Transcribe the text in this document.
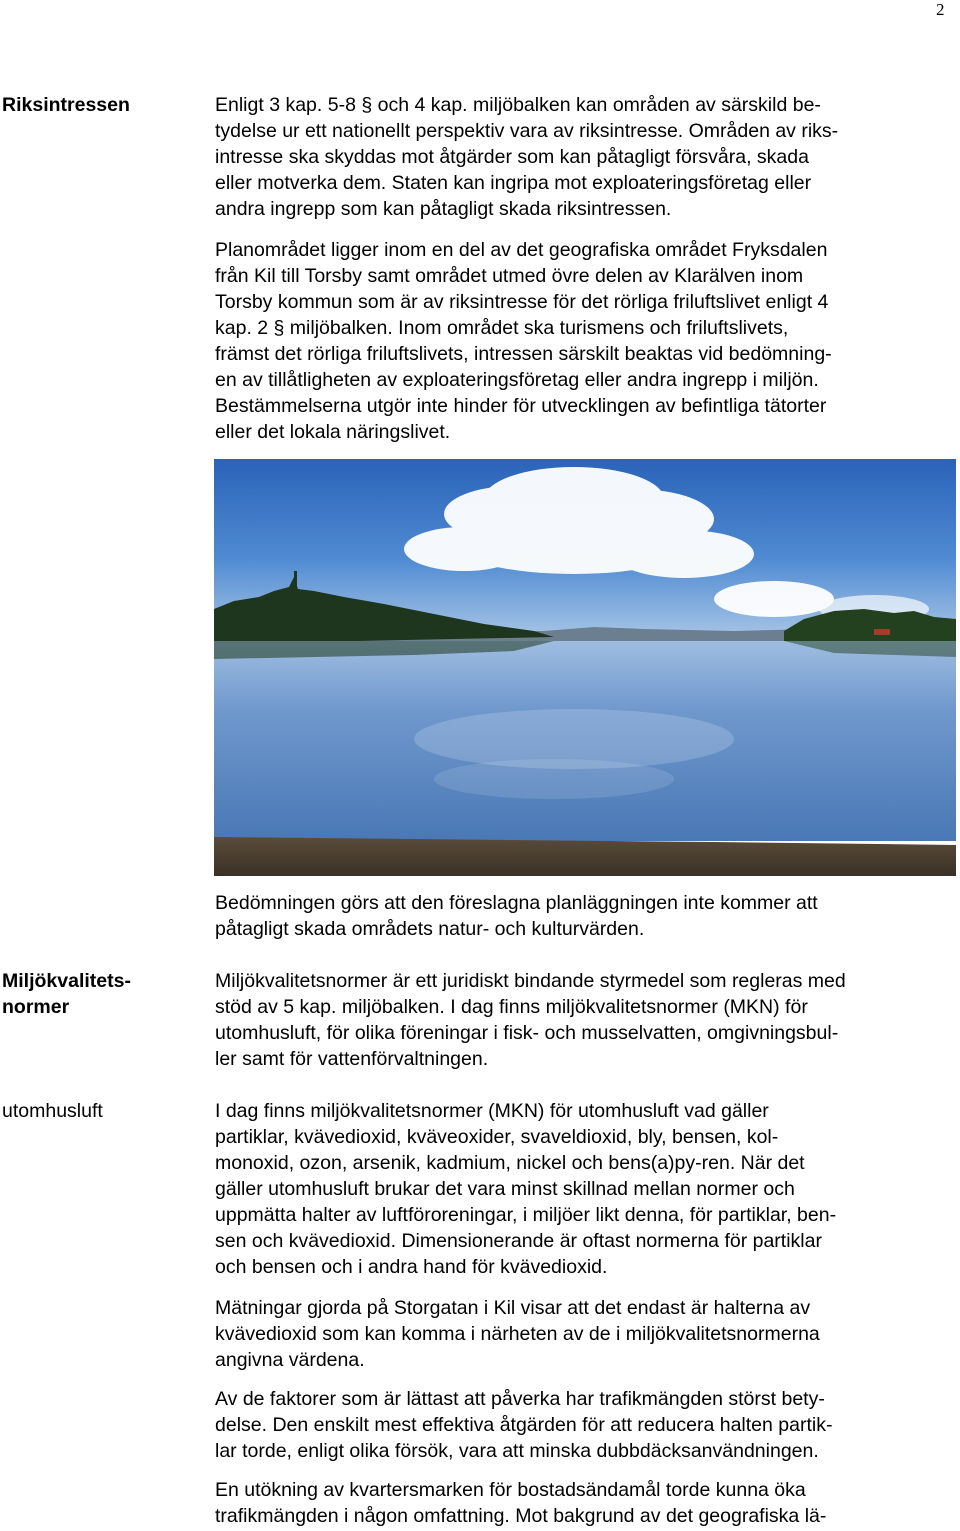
2
Riksintressen
Miljökvalitets-
normer
utomhusluft

Enligt 3 kap. 5-8 § och 4 kap. miljöbalken kan områden av särskild be-

tydelse ur ett nationellt perspektiv vara av riksintresse. Områden av riks-

intresse ska skyddas mot åtgärder som kan påtagligt försvåra, skada

eller motverka dem. Staten kan ingripa mot exploateringsföretag eller

andra ingrepp som kan påtagligt skada riksintressen.

Planområdet ligger inom en del av det geografiska området Fryksdalen

från Kil till Torsby samt området utmed övre delen av Klarälven inom

Torsby kommun som är av riksintresse för det rörliga friluftslivet enligt 4

kap. 2 § miljöbalken. Inom området ska turismens och friluftslivets,

främst det rörliga friluftslivets, intressen särskilt beaktas vid bedömning-

en av tillåtligheten av exploateringsföretag eller andra ingrepp i miljön.

Bestämmelserna utgör inte hinder för utvecklingen av befintliga tätorter

eller det lokala näringslivet.

Bedömningen görs att den föreslagna planläggningen inte kommer att

påtagligt skada områdets natur- och kulturvärden.

Miljökvalitetsnormer är ett juridiskt bindande styrmedel som regleras med

stöd av 5 kap. miljöbalken. I dag finns miljökvalitetsnormer (MKN) för

utomhusluft, för olika föreningar i fisk- och musselvatten, omgivningsbul-

ler samt för vattenförvaltningen.

I dag finns miljökvalitetsnormer (MKN) för utomhusluft vad gäller

partiklar, kvävedioxid, kväveoxider, svaveldioxid, bly, bensen, kol-

monoxid, ozon, arsenik, kadmium, nickel och bens(a)py-ren. När det

gäller utomhusluft brukar det vara minst skillnad mellan normer och

uppmätta halter av luftföroreningar, i miljöer likt denna, för partiklar, ben-

sen och kvävedioxid. Dimensionerande är oftast normerna för partiklar

och bensen och i andra hand för kvävedioxid.

Mätningar gjorda på Storgatan i Kil visar att det endast är halterna av

kvävedioxid som kan komma i närheten av de i miljökvalitetsnormerna

angivna värdena.

Av de faktorer som är lättast att påverka har trafikmängden störst bety-

delse. Den enskilt mest effektiva åtgärden för att reducera halten partik-

lar torde, enligt olika försök, vara att minska dubbdäcksanvändningen.

En utökning av kvartersmarken för bostadsändamål torde kunna öka

trafikmängden i någon omfattning. Mot bakgrund av det geografiska lä-
